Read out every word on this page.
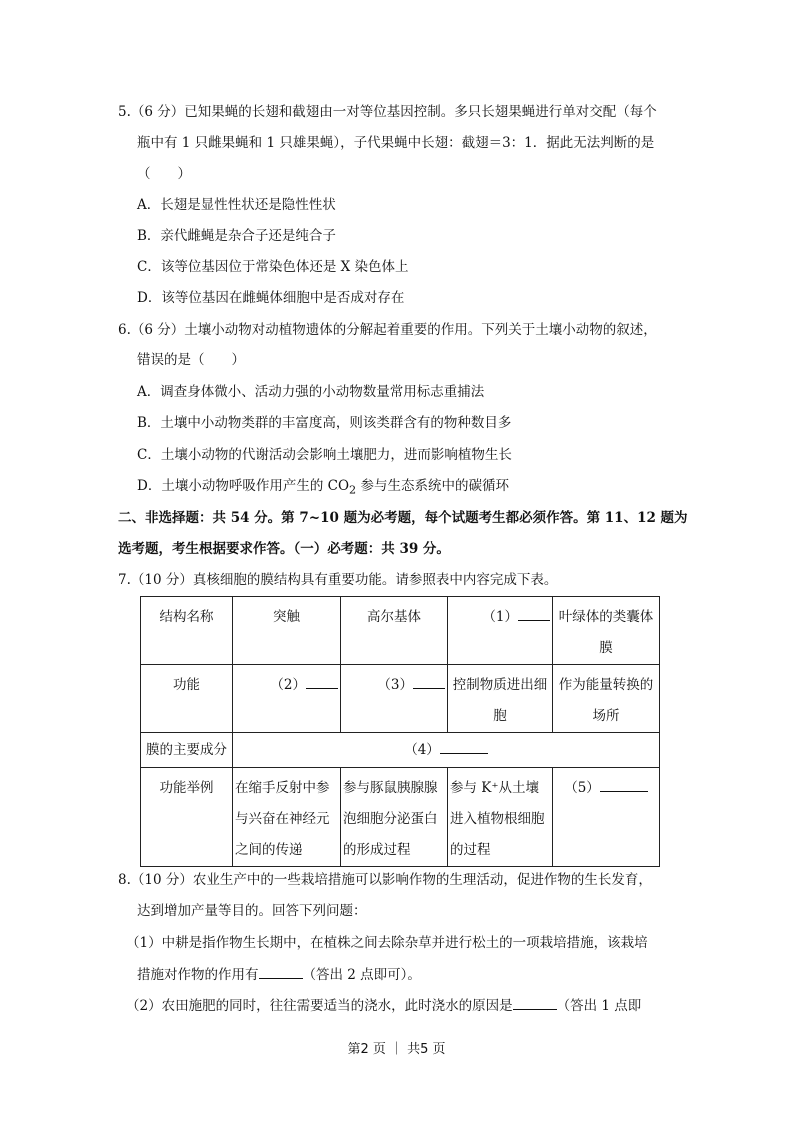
5.（6 分）已知果蝇的长翅和截翅由一对等位基因控制。多只长翅果蝇进行单对交配（每个
瓶中有 1 只雌果蝇和 1 只雄果蝇），子代果蝇中长翅：截翅＝3：1．据此无法判断的是
（　　）
A．长翅是显性性状还是隐性性状
B．亲代雌蝇是杂合子还是纯合子
C．该等位基因位于常染色体还是 X 染色体上
D．该等位基因在雌蝇体细胞中是否成对存在
6.（6 分）土壤小动物对动植物遗体的分解起着重要的作用。下列关于土壤小动物的叙述，
错误的是（　　）
A．调查身体微小、活动力强的小动物数量常用标志重捕法
B．土壤中小动物类群的丰富度高，则该类群含有的物种数目多
C．土壤小动物的代谢活动会影响土壤肥力，进而影响植物生长
D．土壤小动物呼吸作用产生的 $CO_2$ 参与生态系统中的碳循环
二、非选择题：共 54 分。第 7~10 题为必考题，每个试题考生都必须作答。第 11、12 题为
选考题，考生根据要求作答。（一）必考题：共 39 分。
7.（10 分）真核细胞的膜结构具有重要功能。请参照表中内容完成下表。
结构名称	突触	高尔基体	（1）	叶绿体的类囊体膜
功能	（2）	（3）	控制物质进出细胞	作为能量转换的场所
膜的主要成分	（4）			
功能举例	在缩手反射中参与兴奋在神经元之间的传递	参与豚鼠胰腺腺泡细胞分泌蛋白的形成过程	参与 K⁺从土壤进入植物根细胞的过程	（5）
8.（10 分）农业生产中的一些栽培措施可以影响作物的生理活动，促进作物的生长发育，
达到增加产量等目的。回答下列问题：
（1）中耕是指作物生长期中，在植株之间去除杂草并进行松土的一项栽培措施，该栽培
措施对作物的作用有	（答出 2 点即可）。
（2）农田施肥的同时，往往需要适当的浇水，此时浇水的原因是	（答出 1 点即
第2 页 ｜ 共5 页
